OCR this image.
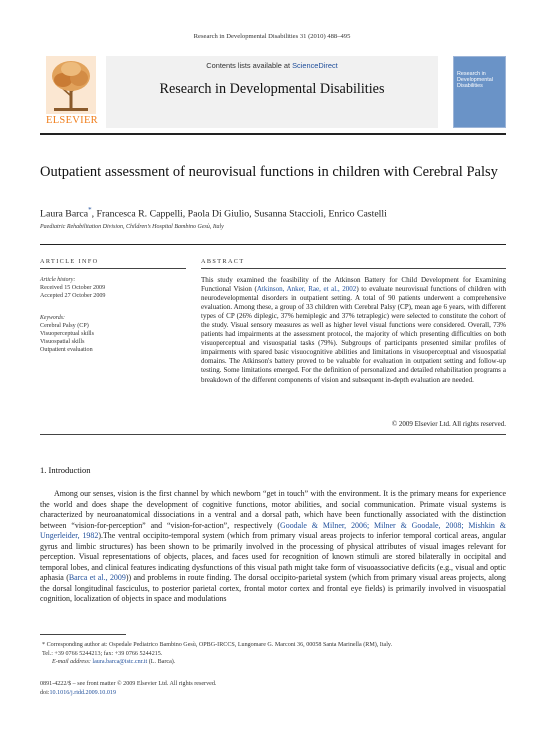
Research in Developmental Disabilities 31 (2010) 488–495
ELSEVIER
Contents lists available at ScienceDirect
Research in Developmental Disabilities
Research in Developmental Disabilities
Outpatient assessment of neurovisual functions in children with Cerebral Palsy
Laura Barca*, Francesca R. Cappelli, Paola Di Giulio, Susanna Staccioli, Enrico Castelli
Paediatric Rehabilitation Division, Children’s Hospital Bambino Gesù, Italy
ARTICLE INFO
Article history:
Received 15 October 2009
Accepted 27 October 2009
Keywords:
Cerebral Palsy (CP)
Visuoperceptual skills
Visuospatial skills
Outpatient evaluation
ABSTRACT
This study examined the feasibility of the Atkinson Battery for Child Development for Examining Functional Vision (Atkinson, Anker, Rae, et al., 2002) to evaluate neurovisual functions of children with neurodevelopmental disorders in outpatient setting. A total of 90 patients underwent a comprehensive evaluation. Among these, a group of 33 children with Cerebral Palsy (CP), mean age 6 years, with different types of CP (26% diplegic, 37% hemiplegic and 37% tetraplegic) were selected to constitute the cohort of the study. Visual sensory measures as well as higher level visual functions were considered. Overall, 73% patients had impairments at the assessment protocol, the majority of which presenting difficulties on both visuoperceptual and visuospatial tasks (79%). Subgroups of participants presented similar profiles of impairments with spared basic visuocognitive abilities and limitations in visuoperceptual and visuospatial domains. The Atkinson's battery proved to be valuable for evaluation in outpatient setting and follow-up testing. Some limitations emerged. For the definition of personalized and detailed rehabilitation programs a breakdown of the different components of vision and subsequent in-depth evaluation are needed.
© 2009 Elsevier Ltd. All rights reserved.
1. Introduction
Among our senses, vision is the first channel by which newborn “get in touch” with the environment. It is the primary means for experience the world and does shape the development of cognitive functions, motor abilities, and social communication. Primate visual systems is characterized by neuroanatomical dissociations in a ventral and a dorsal path, which have been functionally associated with the distinction between “vision-for-perception” and “vision-for-action”, respectively (Goodale & Milner, 2006; Milner & Goodale, 2008; Mishkin & Ungerleider, 1982).The ventral occipito-temporal system (which from primary visual areas projects to inferior temporal cortical areas, angular gyrus and limbic structures) has been shown to be primarily involved in the processing of physical attributes of visual images relevant for perception. Visual representations of objects, places, and faces used for recognition of known stimuli are stored bilaterally in occipital and temporal lobes, and clinical features indicating dysfunctions of this visual path might take form of visuoassociative deficits (e.g., visual and optic aphasia (Barca et al., 2009)) and problems in route finding. The dorsal occipito-parietal system (which from primary visual areas projects, along the dorsal longitudinal fasciculus, to posterior parietal cortex, frontal motor cortex and frontal eye fields) is primarily involved in visuospatial cognition, localization of objects in space and modulations
* Corresponding author at: Ospedale Pediatrico Bambino Gesù, OPBG-IRCCS, Lungomare G. Marconi 36, 00058 Santa Marinella (RM), Italy.
Tel.: +39 0766 5244213; fax: +39 0766 5244215.
E-mail address: laura.barca@istc.cnr.it (L. Barca).
0891-4222/$ – see front matter © 2009 Elsevier Ltd. All rights reserved.
doi:10.1016/j.ridd.2009.10.019
